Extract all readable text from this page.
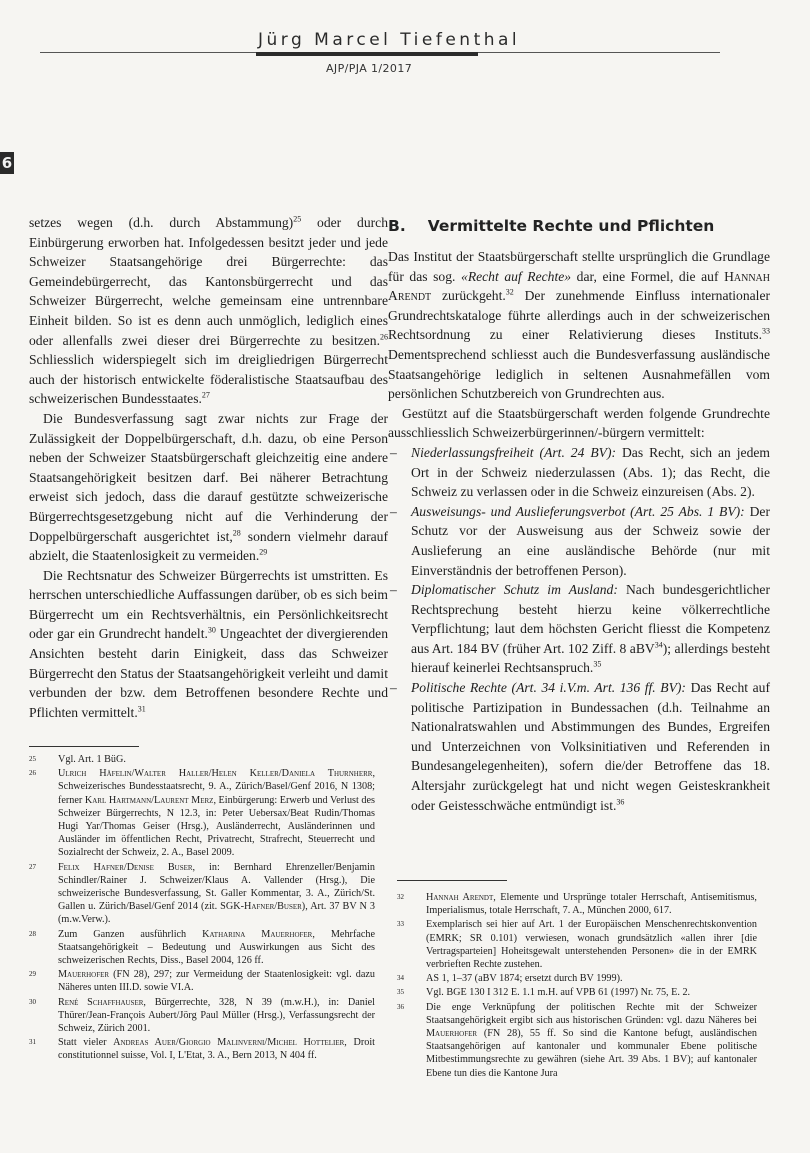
Jürg Marcel Tiefenthal
AJP/PJA 1/2017
6

setzes wegen (d.h. durch Abstammung)$^{25}$ oder durch Einbürgerung erworben hat. Infolgedessen besitzt jeder und jede Schweizer Staatsangehörige drei Bürgerrechte: das Gemeindebürgerrecht, das Kantonsbürgerrecht und das Schweizer Bürgerrecht, welche gemeinsam eine untrennbare Einheit bilden. So ist es denn auch unmöglich, lediglich eines oder allenfalls zwei dieser drei Bürgerrechte zu besitzen.$^{26}$ Schliesslich widerspiegelt sich im dreigliedrigen Bürgerrecht auch der historisch entwickelte föderalistische Staatsaufbau des schweizerischen Bundesstaates.$^{27}$

Die Bundesverfassung sagt zwar nichts zur Frage der Zulässigkeit der Doppelbürgerschaft, d.h. dazu, ob eine Person neben der Schweizer Staatsbürgerschaft gleichzeitig eine andere Staatsangehörigkeit besitzen darf. Bei näherer Betrachtung erweist sich jedoch, dass die darauf gestützte schweizerische Bürgerrechtsgesetzgebung nicht auf die Verhinderung der Doppelbürgerschaft ausgerichtet ist,$^{28}$ sondern vielmehr darauf abzielt, die Staatenlosigkeit zu vermeiden.$^{29}$

Die Rechtsnatur des Schweizer Bürgerrechts ist umstritten. Es herrschen unterschiedliche Auffassungen darüber, ob es sich beim Bürgerrecht um ein Rechtsverhältnis, ein Persönlichkeitsrecht oder gar ein Grundrecht handelt.$^{30}$ Ungeachtet der divergierenden Ansichten besteht darin Einigkeit, dass das Schweizer Bürgerrecht den Status der Staatsangehörigkeit verleiht und damit verbunden der bzw. dem Betroffenen besondere Rechte und Pflichten vermittelt.$^{31}$

B. Vermittelte Rechte und Pflichten

Das Institut der Staatsbürgerschaft stellte ursprünglich die Grundlage für das sog. «Recht auf Rechte» dar, eine Formel, die auf Hannah Arendt zurückgeht.$^{32}$ Der zunehmende Einfluss internationaler Grundrechtskataloge führte allerdings auch in der schweizerischen Rechtsordnung zu einer Relativierung dieses Instituts.$^{33}$ Dementsprechend schliesst auch die Bundesverfassung ausländische Staatsangehörige lediglich in seltenen Ausnahmefällen vom persönlichen Schutzbereich von Grundrechten aus.

Gestützt auf die Staatsbürgerschaft werden folgende Grundrechte ausschliesslich Schweizerbürgerinnen/-bürgern vermittelt:

– Niederlassungsfreiheit (Art. 24 BV): Das Recht, sich an jedem Ort in der Schweiz niederzulassen (Abs. 1); das Recht, die Schweiz zu verlassen oder in die Schweiz einzureisen (Abs. 2).
– Ausweisungs- und Auslieferungsverbot (Art. 25 Abs. 1 BV): Der Schutz vor der Ausweisung aus der Schweiz sowie der Auslieferung an eine ausländische Behörde (nur mit Einverständnis der betroffenen Person).
– Diplomatischer Schutz im Ausland: Nach bundesgerichtlicher Rechtsprechung besteht hierzu keine völkerrechtliche Verpflichtung; laut dem höchsten Gericht fliesst die Kompetenz aus Art. 184 BV (früher Art. 102 Ziff. 8 aBV$^{34}$); allerdings besteht hierauf keinerlei Rechtsanspruch.$^{35}$
– Politische Rechte (Art. 34 i.V.m. Art. 136 ff. BV): Das Recht auf politische Partizipation in Bundessachen (d.h. Teilnahme an Nationalratswahlen und Abstimmungen des Bundes, Ergreifen und Unterzeichnen von Volksinitiativen und Referenden in Bundesangelegenheiten), sofern die/der Betroffene das 18. Altersjahr zurückgelegt hat und nicht wegen Geisteskrankheit oder Geistesschwäche entmündigt ist.$^{36}$
25 Vgl. Art. 1 BüG.
26 Ulrich Häfelin/Walter Haller/Helen Keller/Daniela Thurnherr, Schweizerisches Bundesstaatsrecht, 9. A., Zürich/Basel/Genf 2016, N 1308; ferner Karl Hartmann/Laurent Merz, Einbürgerung: Erwerb und Verlust des Schweizer Bürgerrechts, N 12.3, in: Peter Uebersax/Beat Rudin/Thomas Hugi Yar/Thomas Geiser (Hrsg.), Ausländerrecht, Ausländerinnen und Ausländer im öffentlichen Recht, Privatrecht, Strafrecht, Steuerrecht und Sozialrecht der Schweiz, 2. A., Basel 2009.
27 Felix Hafner/Denise Buser, in: Bernhard Ehrenzeller/Benjamin Schindler/Rainer J. Schweizer/Klaus A. Vallender (Hrsg.), Die schweizerische Bundesverfassung, St. Galler Kommentar, 3. A., Zürich/St. Gallen u. Zürich/Basel/Genf 2014 (zit. SGK-Hafner/Buser), Art. 37 BV N 3 (m.w.Verw.).
28 Zum Ganzen ausführlich Katharina Mauerhofer, Mehrfache Staatsangehörigkeit – Bedeutung und Auswirkungen aus Sicht des schweizerischen Rechts, Diss., Basel 2004, 126 ff.
29 Mauerhofer (FN 28), 297; zur Vermeidung der Staatenlosigkeit: vgl. dazu Näheres unten III.D. sowie VI.A.
30 René Schaffhauser, Bürgerrechte, 328, N 39 (m.w.H.), in: Daniel Thürer/Jean-François Aubert/Jörg Paul Müller (Hrsg.), Verfassungsrecht der Schweiz, Zürich 2001.
31 Statt vieler Andreas Auer/Giorgio Malinverni/Michel Hottelier, Droit constitutionnel suisse, Vol. I, L'Etat, 3. A., Bern 2013, N 404 ff.
32 Hannah Arendt, Elemente und Ursprünge totaler Herrschaft, Antisemitismus, Imperialismus, totale Herrschaft, 7. A., München 2000, 617.
33 Exemplarisch sei hier auf Art. 1 der Europäischen Menschenrechtskonvention (EMRK; SR 0.101) verwiesen, wonach grundsätzlich «allen ihrer [die Vertragsparteien] Hoheitsgewalt unterstehenden Personen» die in der EMRK verbrieften Rechte zustehen.
34 AS 1, 1–37 (aBV 1874; ersetzt durch BV 1999).
35 Vgl. BGE 130 I 312 E. 1.1 m.H. auf VPB 61 (1997) Nr. 75, E. 2.
36 Die enge Verknüpfung der politischen Rechte mit der Schweizer Staatsangehörigkeit ergibt sich aus historischen Gründen: vgl. dazu Näheres bei Mauerhofer (FN 28), 55 ff. So sind die Kantone befugt, ausländischen Staatsangehörigen auf kantonaler und kommunaler Ebene politische Mitbestimmungsrechte zu gewähren (siehe Art. 39 Abs. 1 BV); auf kantonaler Ebene tun dies die Kantone Jura
